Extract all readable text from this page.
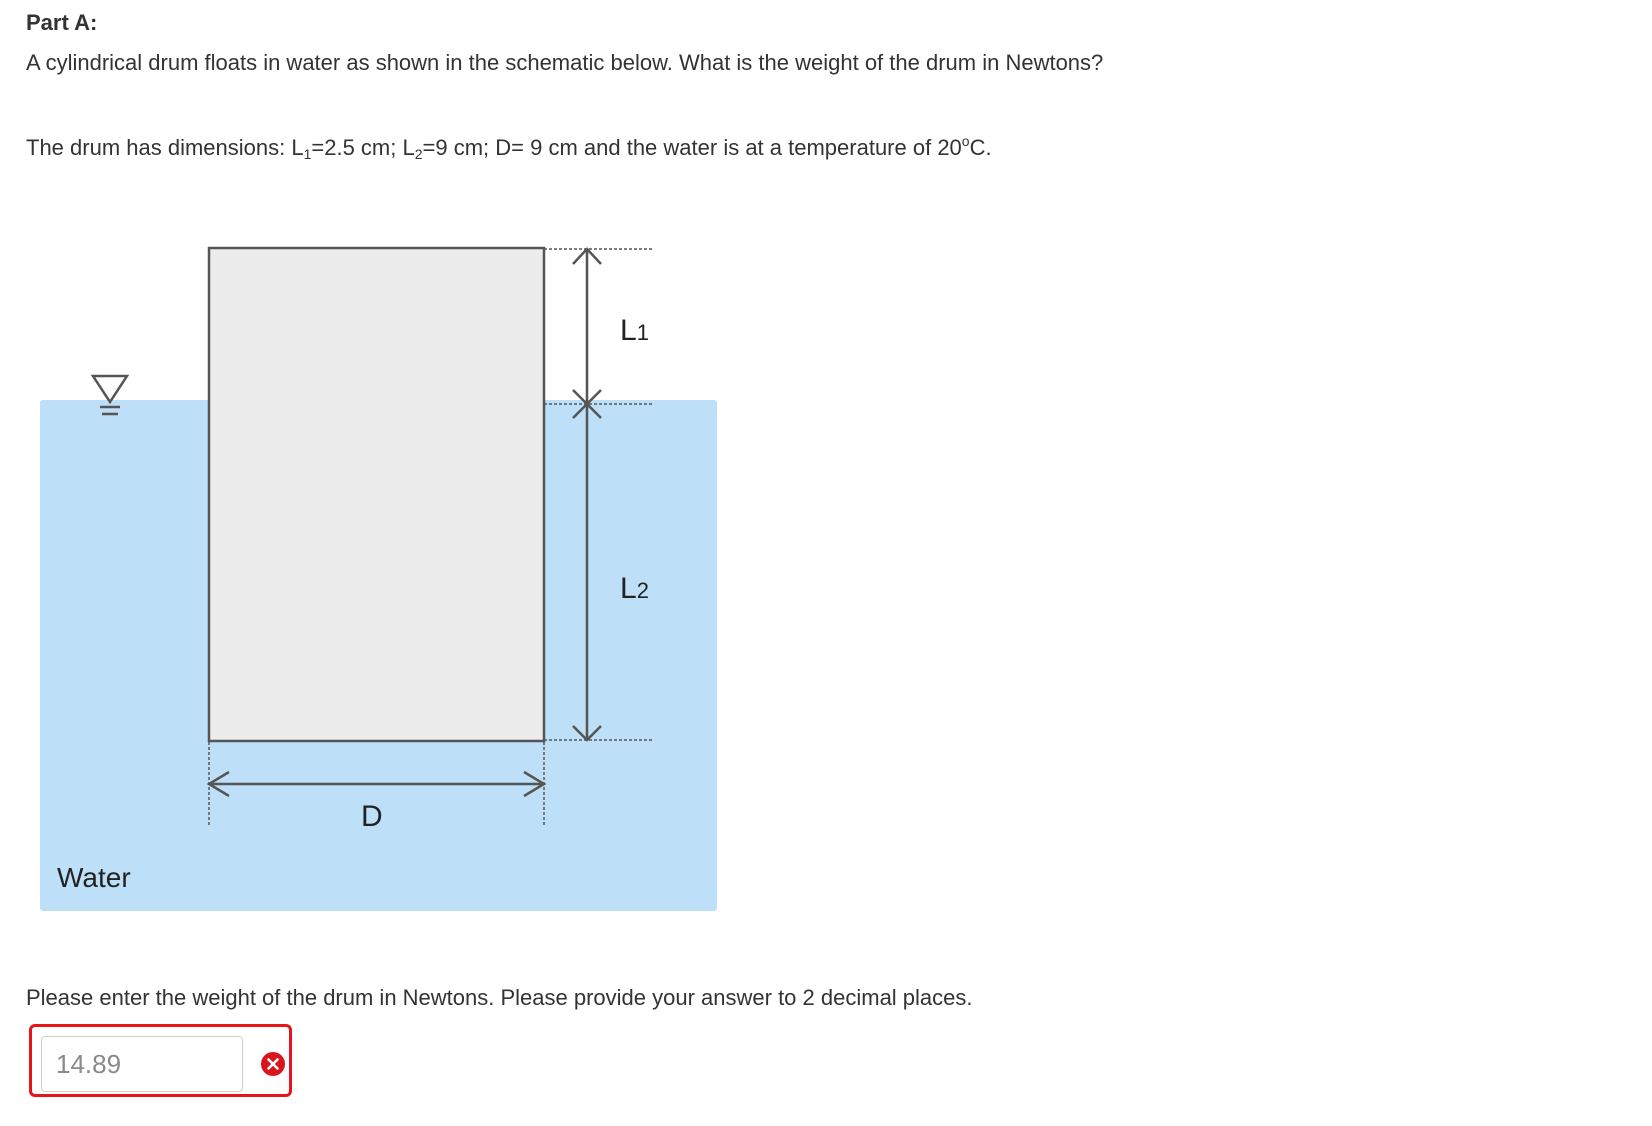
Part A:
A cylindrical drum floats in water as shown in the schematic below. What is the weight of the drum in Newtons?
The drum has dimensions: $L_1=2.5$ cm; $L_2=9$ cm; D= 9 cm and the water is at a temperature of 20$^o$C.
L1
L2
D
Water
Please enter the weight of the drum in Newtons. Please provide your answer to 2 decimal places.
14.89
